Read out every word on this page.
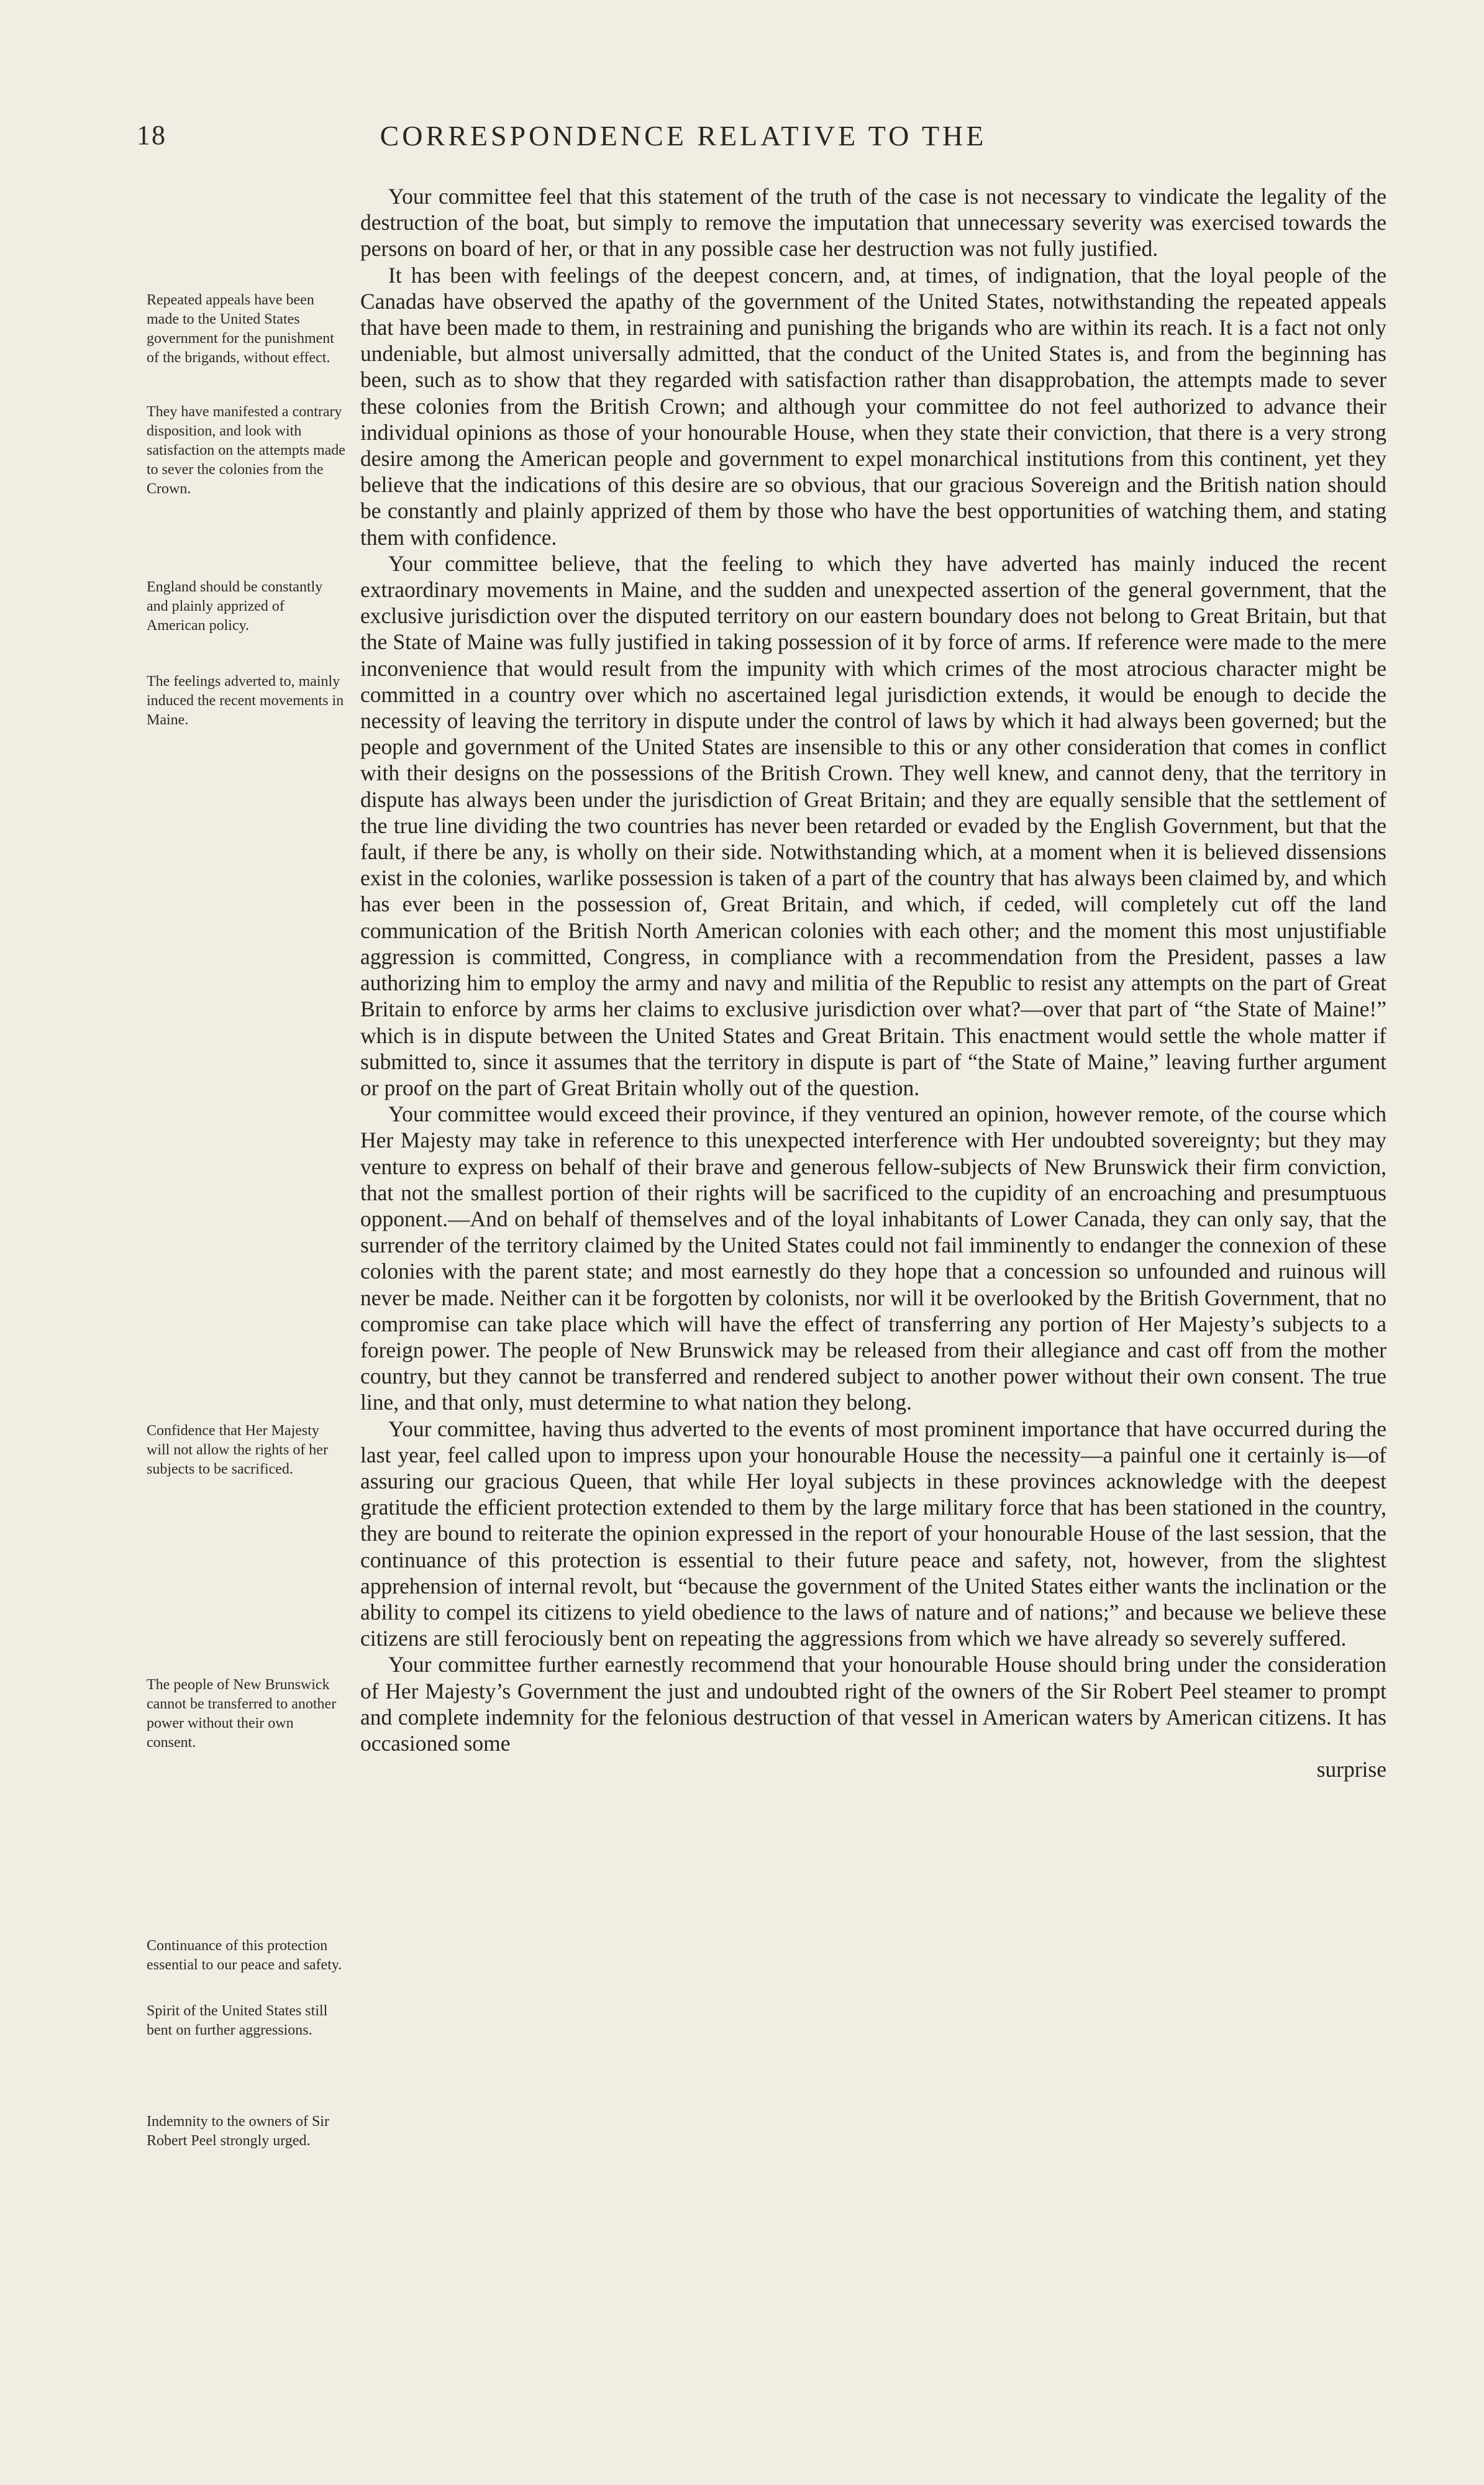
18	CORRESPONDENCE RELATIVE TO THE
Repeated appeals have been made to the United States government for the punishment of the brigands, without effect.
They have manifested a contrary disposition, and look with satisfaction on the attempts made to sever the colonies from the Crown.
England should be constantly and plainly apprized of American policy.
The feelings adverted to, mainly induced the recent movements in Maine.
Confidence that Her Majesty will not allow the rights of her subjects to be sacrificed.
The people of New Brunswick cannot be transferred to another power without their own consent.
Continuance of this protection essential to our peace and safety.
Spirit of the United States still bent on further aggressions.
Indemnity to the owners of Sir Robert Peel strongly urged.

Your committee feel that this statement of the truth of the case is not necessary to vindicate the legality of the destruction of the boat, but simply to remove the imputation that unnecessary severity was exercised towards the persons on board of her, or that in any possible case her destruction was not fully justified.

It has been with feelings of the deepest concern, and, at times, of indignation, that the loyal people of the Canadas have observed the apathy of the government of the United States, notwithstanding the repeated appeals that have been made to them, in restraining and punishing the brigands who are within its reach. It is a fact not only undeniable, but almost universally admitted, that the conduct of the United States is, and from the beginning has been, such as to show that they regarded with satisfaction rather than disapprobation, the attempts made to sever these colonies from the British Crown; and although your committee do not feel authorized to advance their individual opinions as those of your honourable House, when they state their conviction, that there is a very strong desire among the American people and government to expel monarchical institutions from this continent, yet they believe that the indications of this desire are so obvious, that our gracious Sovereign and the British nation should be constantly and plainly apprized of them by those who have the best opportunities of watching them, and stating them with confidence.

Your committee believe, that the feeling to which they have adverted has mainly induced the recent extraordinary movements in Maine, and the sudden and unexpected assertion of the general government, that the exclusive jurisdiction over the disputed territory on our eastern boundary does not belong to Great Britain, but that the State of Maine was fully justified in taking possession of it by force of arms. If reference were made to the mere inconvenience that would result from the impunity with which crimes of the most atrocious character might be committed in a country over which no ascertained legal jurisdiction extends, it would be enough to decide the necessity of leaving the territory in dispute under the control of laws by which it had always been governed; but the people and government of the United States are insensible to this or any other consideration that comes in conflict with their designs on the possessions of the British Crown. They well knew, and cannot deny, that the territory in dispute has always been under the jurisdiction of Great Britain; and they are equally sensible that the settlement of the true line dividing the two countries has never been retarded or evaded by the English Government, but that the fault, if there be any, is wholly on their side. Notwithstanding which, at a moment when it is believed dissensions exist in the colonies, warlike possession is taken of a part of the country that has always been claimed by, and which has ever been in the possession of, Great Britain, and which, if ceded, will completely cut off the land communication of the British North American colonies with each other; and the moment this most unjustifiable aggression is committed, Congress, in compliance with a recommendation from the President, passes a law authorizing him to employ the army and navy and militia of the Republic to resist any attempts on the part of Great Britain to enforce by arms her claims to exclusive jurisdiction over what?—over that part of “the State of Maine!” which is in dispute between the United States and Great Britain. This enactment would settle the whole matter if submitted to, since it assumes that the territory in dispute is part of “the State of Maine,” leaving further argument or proof on the part of Great Britain wholly out of the question.

Your committee would exceed their province, if they ventured an opinion, however remote, of the course which Her Majesty may take in reference to this unexpected interference with Her undoubted sovereignty; but they may venture to express on behalf of their brave and generous fellow-subjects of New Brunswick their firm conviction, that not the smallest portion of their rights will be sacrificed to the cupidity of an encroaching and presumptuous opponent.—And on behalf of themselves and of the loyal inhabitants of Lower Canada, they can only say, that the surrender of the territory claimed by the United States could not fail imminently to endanger the connexion of these colonies with the parent state; and most earnestly do they hope that a concession so unfounded and ruinous will never be made. Neither can it be forgotten by colonists, nor will it be overlooked by the British Government, that no compromise can take place which will have the effect of transferring any portion of Her Majesty’s subjects to a foreign power. The people of New Brunswick may be released from their allegiance and cast off from the mother country, but they cannot be transferred and rendered subject to another power without their own consent. The true line, and that only, must determine to what nation they belong.

Your committee, having thus adverted to the events of most prominent importance that have occurred during the last year, feel called upon to impress upon your honourable House the necessity—a painful one it certainly is—of assuring our gracious Queen, that while Her loyal subjects in these provinces acknowledge with the deepest gratitude the efficient protection extended to them by the large military force that has been stationed in the country, they are bound to reiterate the opinion expressed in the report of your honourable House of the last session, that the continuance of this protection is essential to their future peace and safety, not, however, from the slightest apprehension of internal revolt, but “because the government of the United States either wants the inclination or the ability to compel its citizens to yield obedience to the laws of nature and of nations;” and because we believe these citizens are still ferociously bent on repeating the aggressions from which we have already so severely suffered.

Your committee further earnestly recommend that your honourable House should bring under the consideration of Her Majesty’s Government the just and undoubted right of the owners of the Sir Robert Peel steamer to prompt and complete indemnity for the felonious destruction of that vessel in American waters by American citizens. It has occasioned some

surprise
